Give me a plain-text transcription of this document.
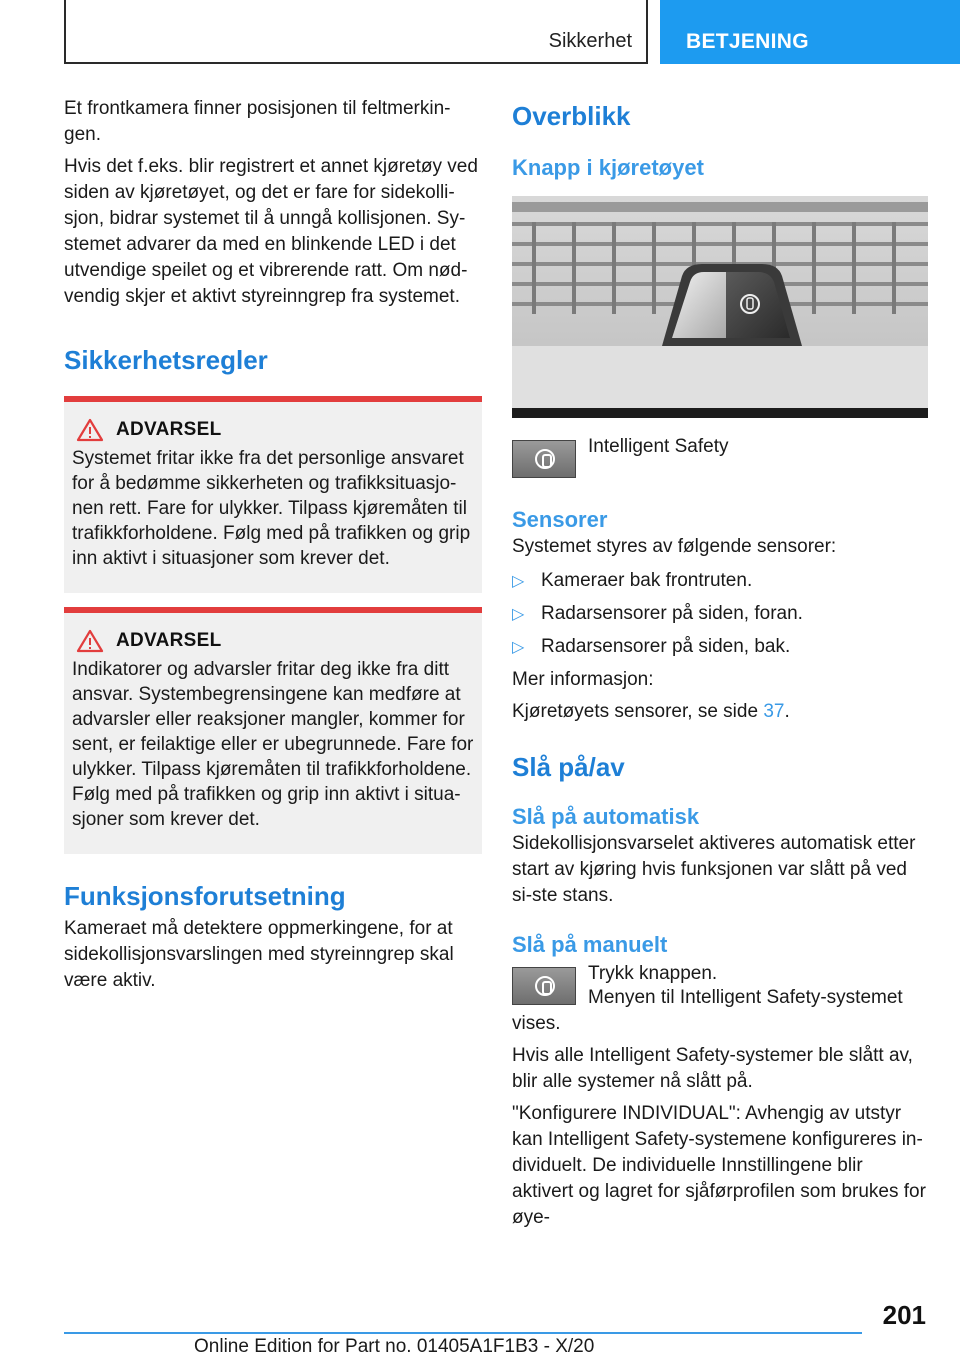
Sikkerhet	BETJENING

Et frontkamera finner posisjonen til feltmerkin-gen.

Hvis det f.eks. blir registrert et annet kjøretøy ved siden av kjøretøyet, og det er fare for sidekolli-sjon, bidrar systemet til å unngå kollisjonen. Sy-stemet advarer da med en blinkende LED i det utvendige speilet og et vibrerende ratt. Om nød-vendig skjer et aktivt styreinngrep fra systemet.

Sikkerhetsregler
ADVARSEL

Systemet fritar ikke fra det personlige ansvaret for å bedømme sikkerheten og trafikksituasjo-nen rett. Fare for ulykker. Tilpass kjøremåten til trafikkforholdene. Følg med på trafikken og grip inn aktivt i situasjoner som krever det.

ADVARSEL

Indikatorer og advarsler fritar deg ikke fra ditt ansvar. Systembegrensingene kan medføre at advarsler eller reaksjoner mangler, kommer for sent, er feilaktige eller er ubegrunnede. Fare for ulykker. Tilpass kjøremåten til trafikkforholdene. Følg med på trafikken og grip inn aktivt i situa-sjoner som krever det.

Funksjonsforutsetning

Kameraet må detektere oppmerkingene, for at sidekollisjonsvarslingen med styreinngrep skal være aktiv.

Overblikk
Knapp i kjøretøyet

Intelligent Safety

Sensorer

Systemet styres av følgende sensorer:

▷ Kameraer bak frontruten.
▷ Radarsensorer på siden, foran.
▷ Radarsensorer på siden, bak.

Mer informasjon:

Kjøretøyets sensorer, se side 37.

Slå på/av
Slå på automatisk

Sidekollisjonsvarselet aktiveres automatisk etter start av kjøring hvis funksjonen var slått på ved si-ste stans.

Slå på manuelt

Trykk knappen.

Menyen til Intelligent Safety-systemet vises.

Hvis alle Intelligent Safety-systemer ble slått av, blir alle systemer nå slått på.

"Konfigurere INDIVIDUAL": Avhengig av utstyr kan Intelligent Safety-systemene konfigureres in-dividuelt. De individuelle Innstillingene blir aktivert og lagret for sjåførprofilen som brukes for øye-

201
Online Edition for Part no. 01405A1F1B3 - X/20
